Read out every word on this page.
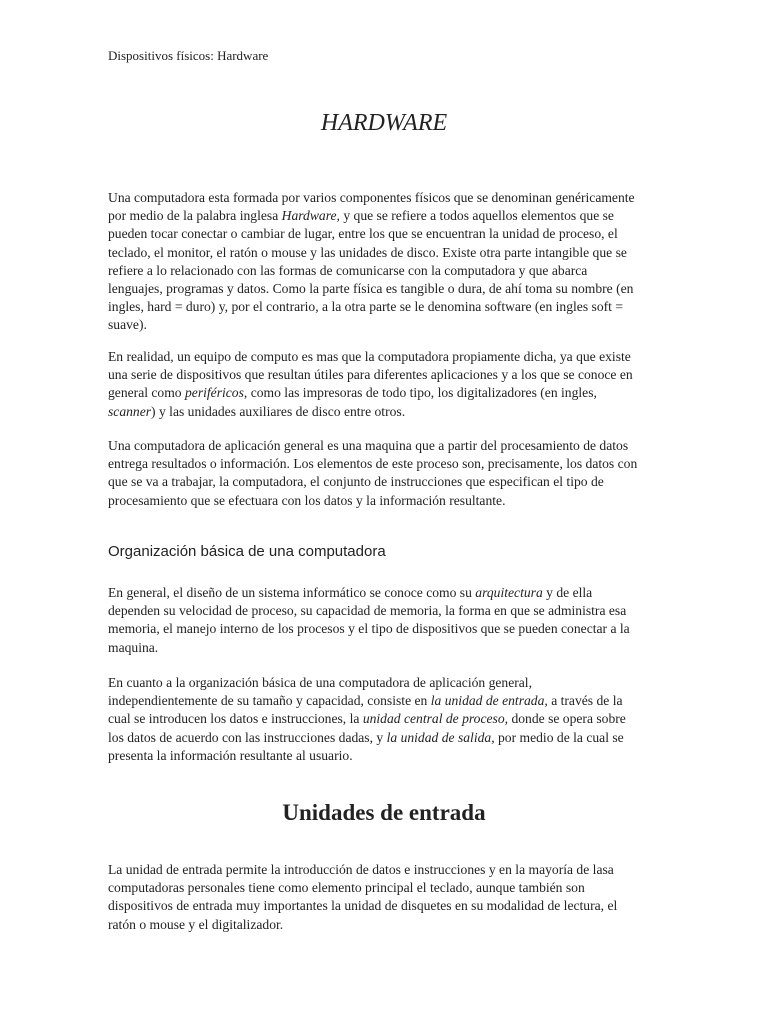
Dispositivos físicos: Hardware
HARDWARE

Una computadora esta formada por varios componentes físicos que se denominan genéricamente
por medio de la palabra inglesa Hardware, y que se refiere a todos aquellos elementos que se
pueden tocar conectar o cambiar de lugar, entre los que se encuentran la unidad de proceso, el
teclado, el monitor, el ratón o mouse y las unidades de disco. Existe otra parte intangible que se
refiere a lo relacionado con las formas de comunicarse con la computadora y que abarca
lenguajes, programas y datos. Como la parte física es tangible o dura, de ahí toma su nombre (en
ingles, hard = duro) y, por el contrario, a la otra parte se le denomina software (en ingles soft =
suave).

En realidad, un equipo de computo es mas que la computadora propiamente dicha, ya que existe
una serie de dispositivos que resultan útiles para diferentes aplicaciones y a los que se conoce en
general como periféricos, como las impresoras de todo tipo, los digitalizadores (en ingles,
scanner) y las unidades auxiliares de disco entre otros.

Una computadora de aplicación general es una maquina que a partir del procesamiento de datos
entrega resultados o información. Los elementos de este proceso son, precisamente, los datos con
que se va a trabajar, la computadora, el conjunto de instrucciones que especifican el tipo de
procesamiento que se efectuara con los datos y la información resultante.

Organización básica de una computadora

En general, el diseño de un sistema informático se conoce como su arquitectura y de ella
dependen su velocidad de proceso, su capacidad de memoria, la forma en que se administra esa
memoria, el manejo interno de los procesos y el tipo de dispositivos que se pueden conectar a la
maquina.

En cuanto a la organización básica de una computadora de aplicación general,
independientemente de su tamaño y capacidad, consiste en la unidad de entrada, a través de la
cual se introducen los datos e instrucciones, la unidad central de proceso, donde se opera sobre
los datos de acuerdo con las instrucciones dadas, y la unidad de salida, por medio de la cual se
presenta la información resultante al usuario.

Unidades de entrada

La unidad de entrada permite la introducción de datos e instrucciones y en la mayoría de lasa
computadoras personales tiene como elemento principal el teclado, aunque también son
dispositivos de entrada muy importantes la unidad de disquetes en su modalidad de lectura, el
ratón o mouse y el digitalizador.
